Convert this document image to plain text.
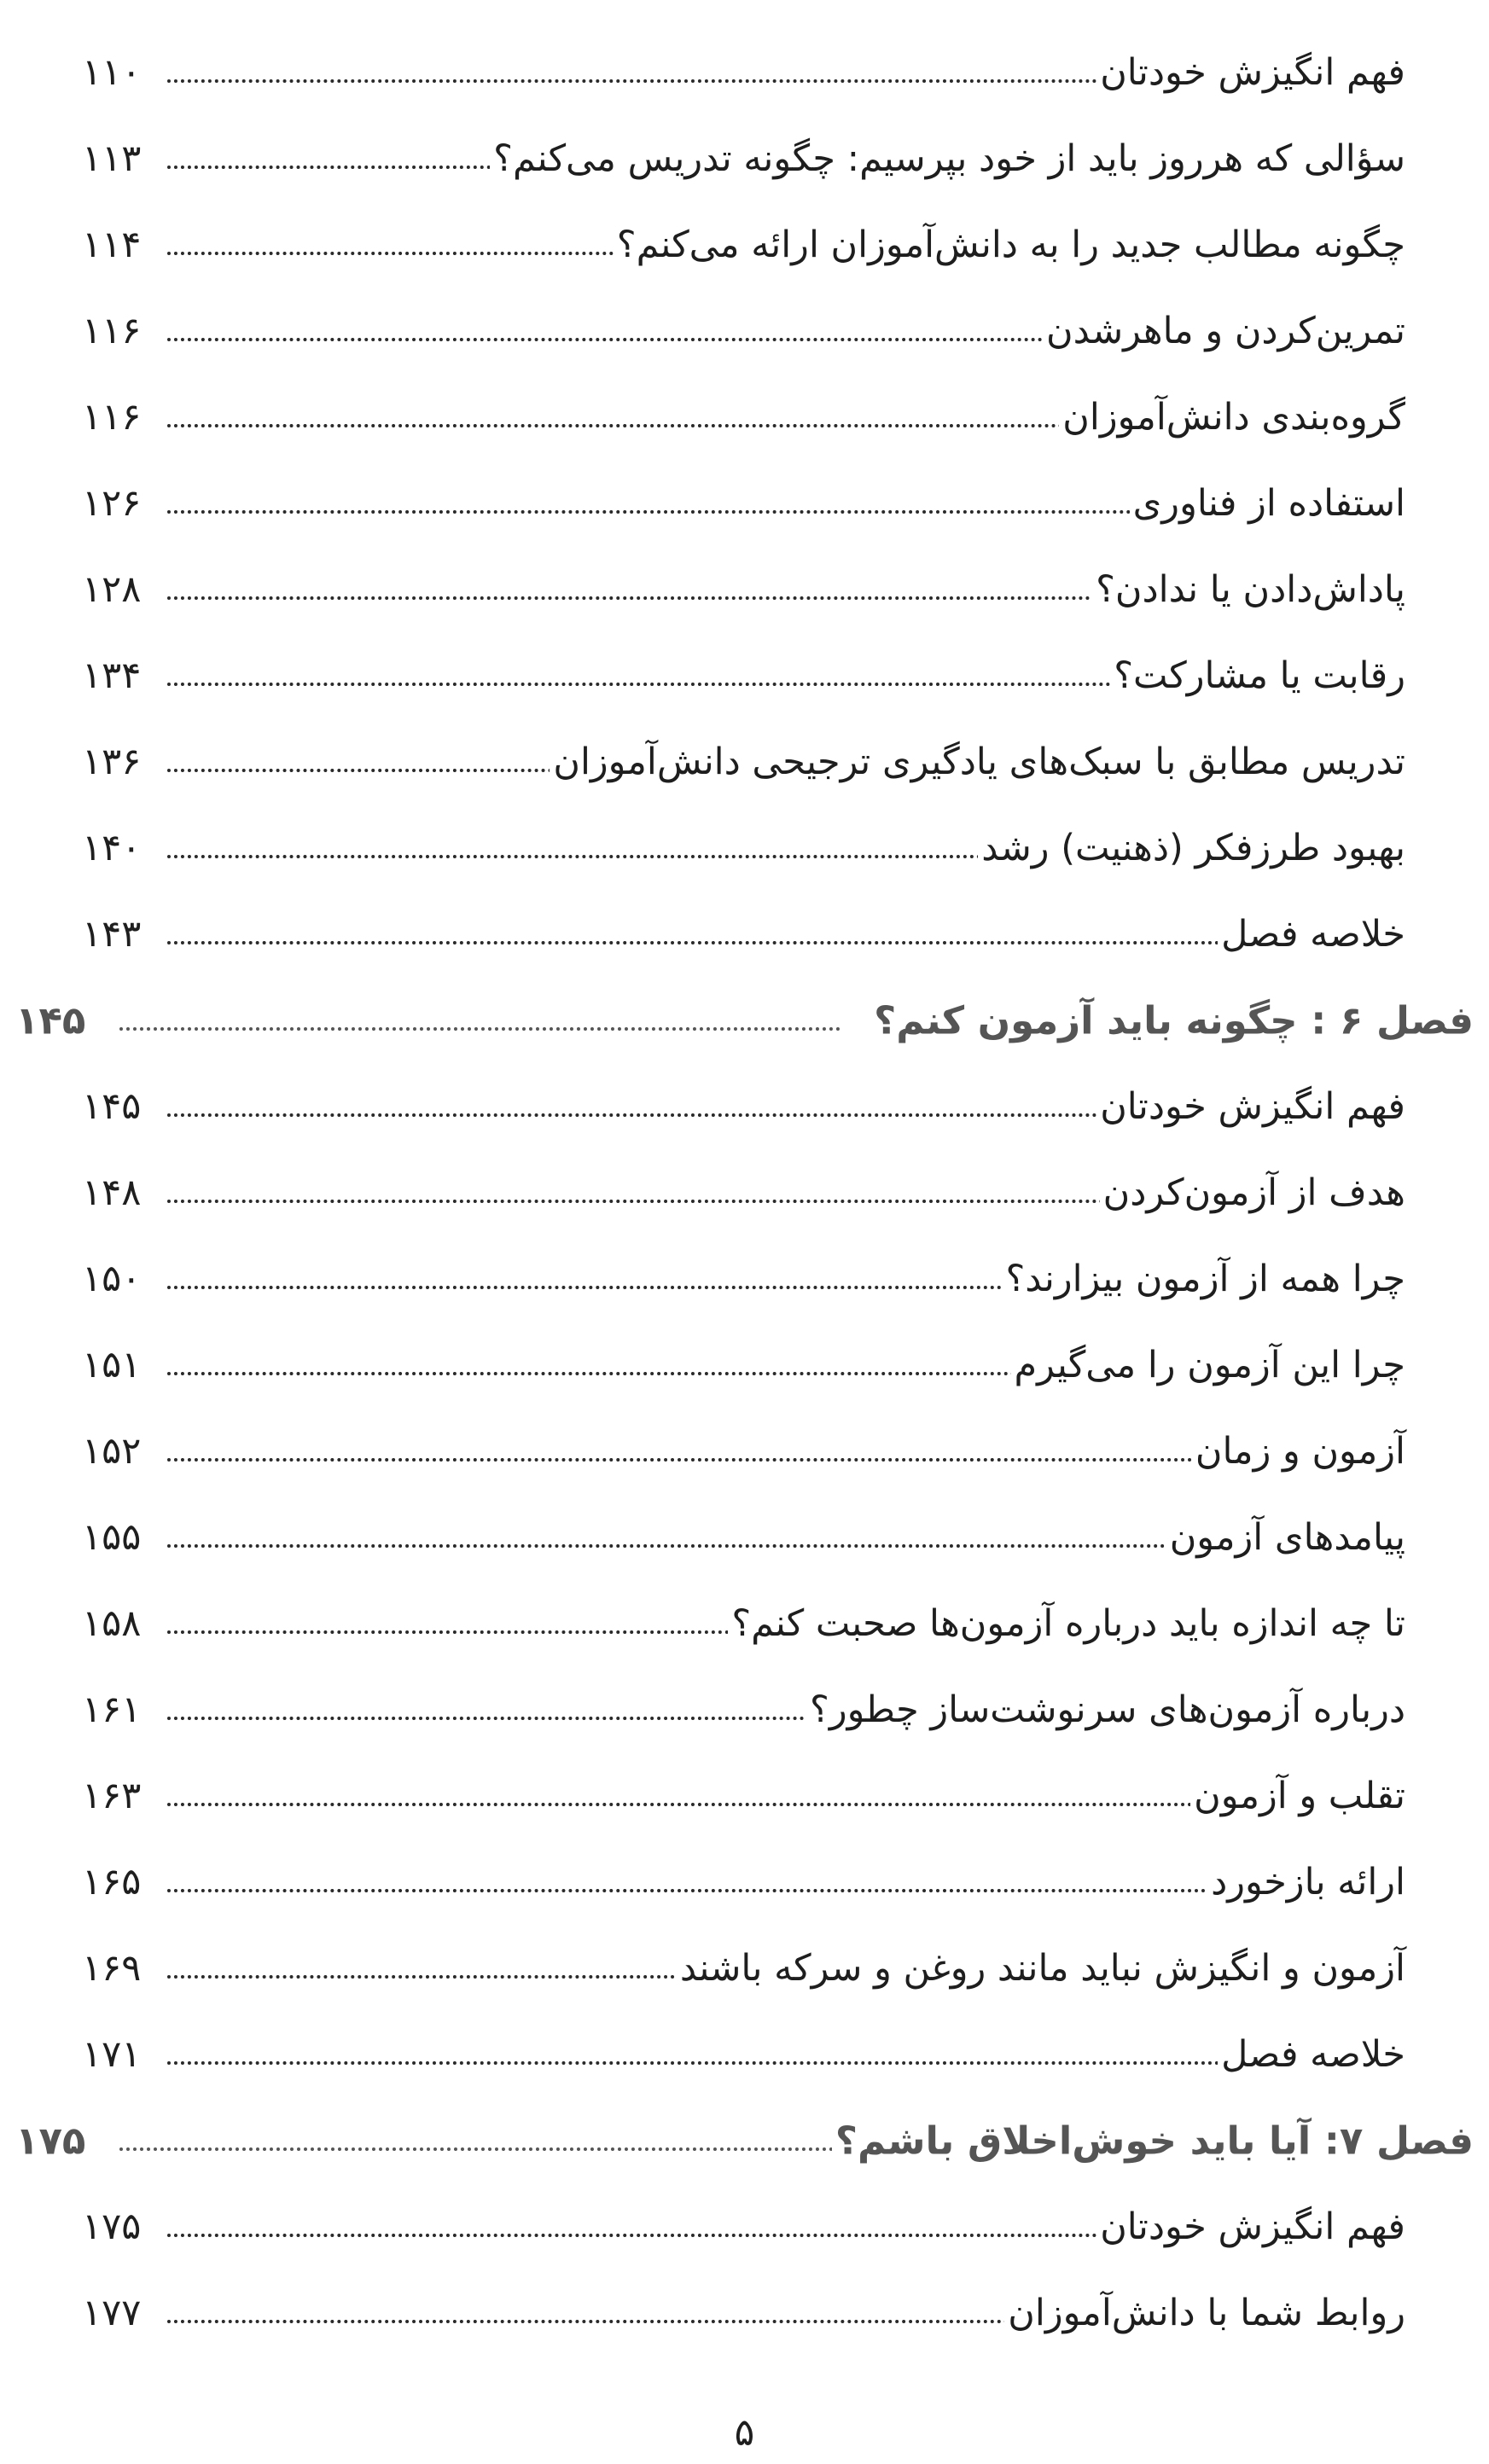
فهم انگیزش خودتان
۱۱۰
سؤالی که هرروز باید از خود بپرسیم: چگونه تدریس می‌کنم؟
۱۱۳
چگونه مطالب جدید را به دانش‌آموزان ارائه می‌کنم؟
۱۱۴
تمرین‌کردن و ماهرشدن
۱۱۶
گروه‌بندی دانش‌آموزان
۱۱۶
استفاده از فناوری
۱۲۶
پاداش‌دادن یا ندادن؟
۱۲۸
رقابت یا مشارکت؟
۱۳۴
تدریس مطابق با سبک‌های یادگیری ترجیحی دانش‌آموزان
۱۳۶
بهبود طرزفکر (ذهنیت) رشد
۱۴۰
خلاصه فصل
۱۴۳
فصل ۶ : چگونه باید آزمون کنم؟
۱۴۵
فهم انگیزش خودتان
۱۴۵
هدف از آزمون‌کردن
۱۴۸
چرا همه از آزمون بیزارند؟
۱۵۰
چرا این آزمون را می‌گیرم
۱۵۱
آزمون و زمان
۱۵۲
پیامدهای آزمون
۱۵۵
تا چه اندازه باید درباره آزمون‌ها صحبت کنم؟
۱۵۸
درباره آزمون‌های سرنوشت‌ساز چطور؟
۱۶۱
تقلب و آزمون
۱۶۳
ارائه بازخورد
۱۶۵
آزمون و انگیزش نباید مانند روغن و سرکه باشند
۱۶۹
خلاصه فصل
۱۷۱
فصل ۷: آیا باید خوش‌اخلاق باشم؟
۱۷۵
فهم انگیزش خودتان
۱۷۵
روابط شما با دانش‌آموزان
۱۷۷
۵
